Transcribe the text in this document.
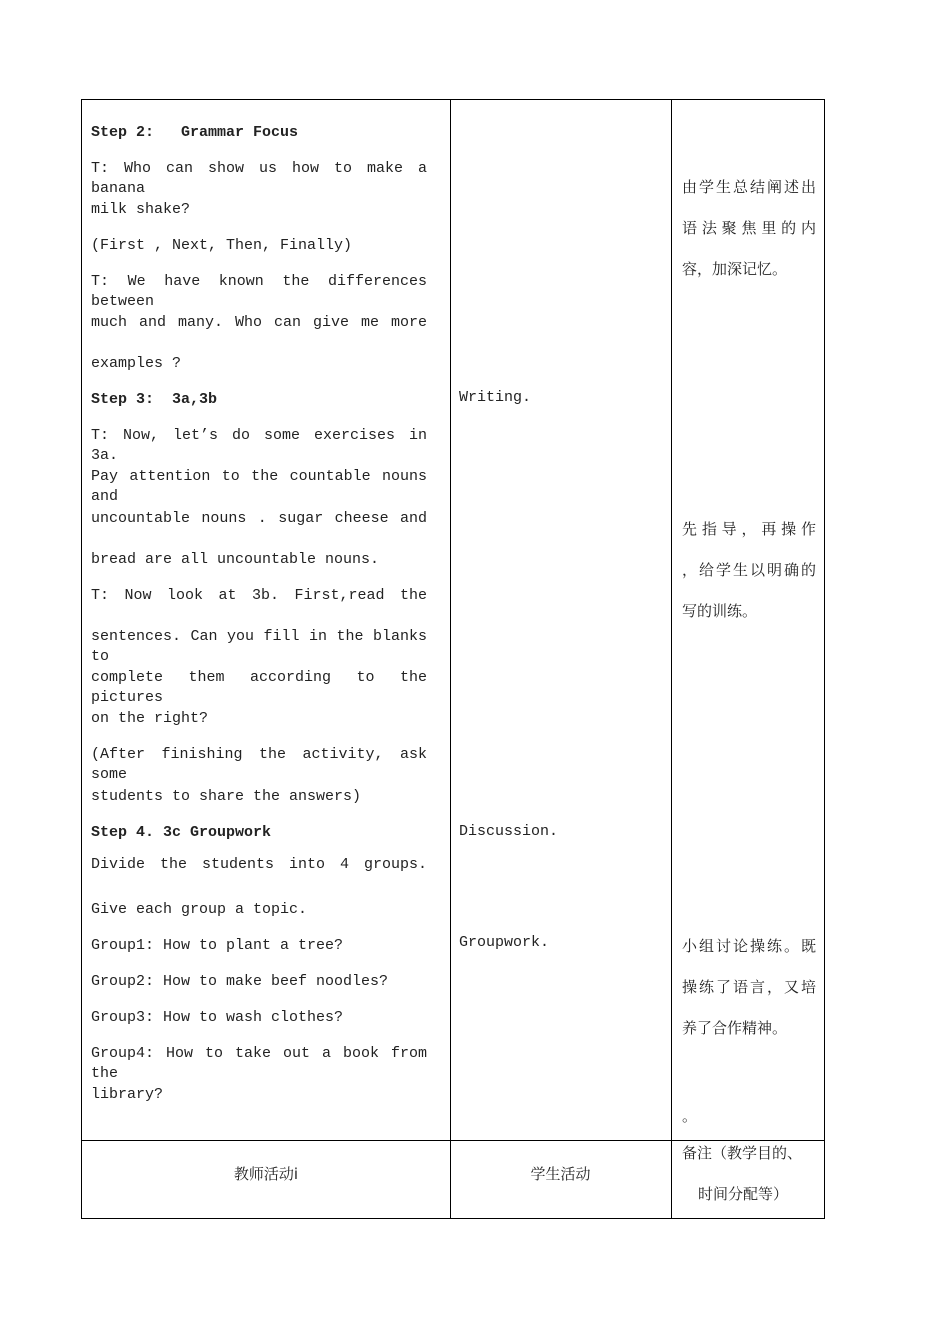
Step 2:   Grammar Focus
T: Who can show us how to make a banana
milk shake?
(First , Next, Then, Finally)
T: We have known the differences between
much and many. Who can give me more
examples ?
Step 3:  3a,3b
T: Now, let’s do some exercises in 3a.
Pay attention to the countable nouns and
uncountable nouns . sugar cheese and
bread are all uncountable nouns.
T: Now look at 3b. First,read the
sentences. Can you fill in the blanks to
complete them according to the pictures
on the right?
(After finishing the activity, ask some
students to share the answers)
Step 4. 3c Groupwork
Divide the students into 4 groups.
Give each group a topic.
Group1: How to plant a tree?
Group2: How to make beef noodles?
Group3: How to wash clothes?
Group4: How to take out a book from the
library?
Writing.
Discussion.
Groupwork.
由学生总结阐述出
语法聚焦里的内
容，加深记忆。
先指导，再操作
，给学生以明确的
写的训练。
小组讨论操练。既
操练了语言，又培
养了合作精神。
。
教师活动i	学生活动
备注（教学目的、
时间分配等）
